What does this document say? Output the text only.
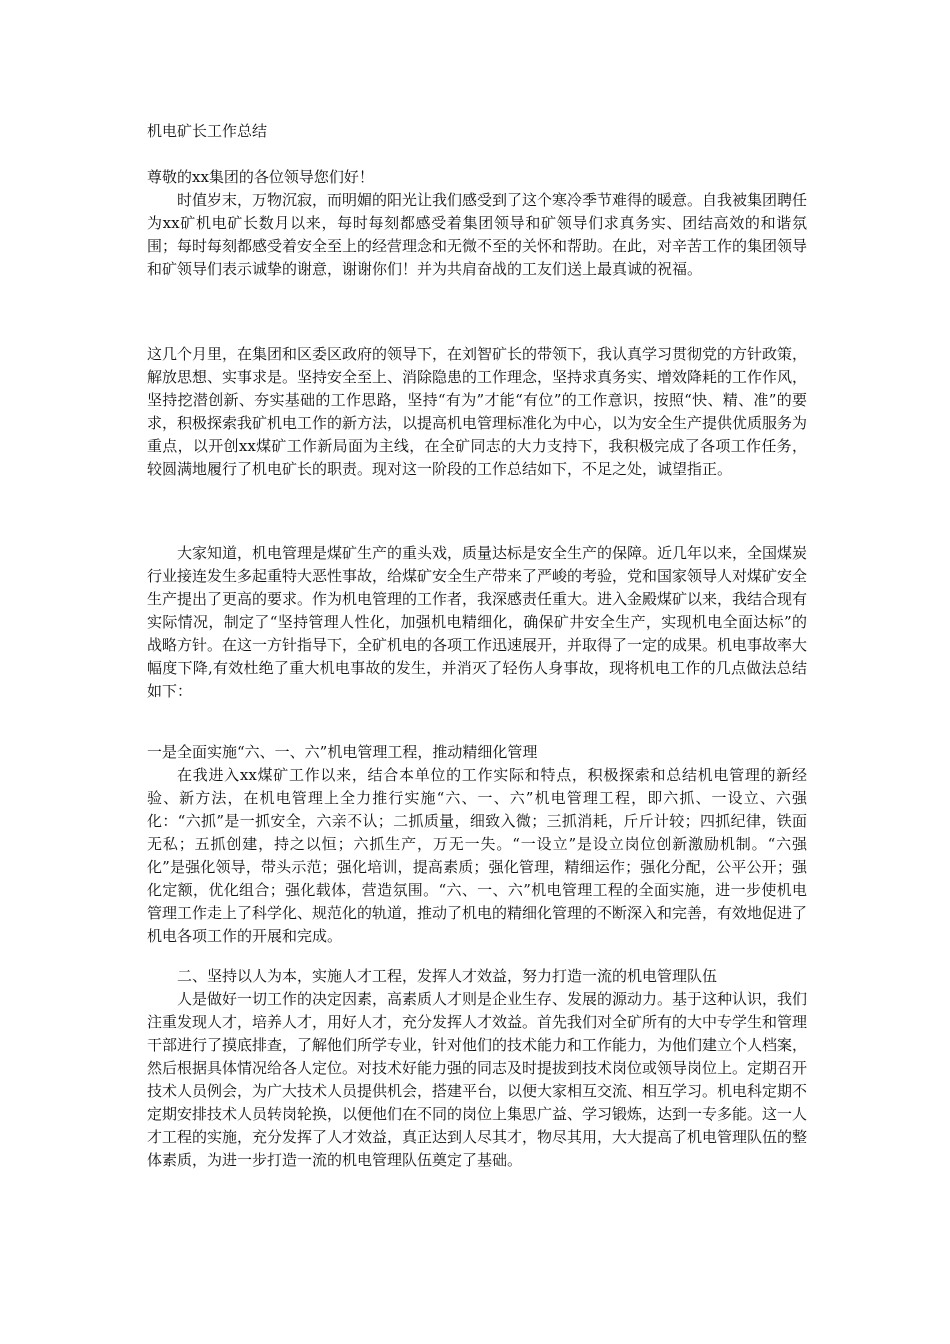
机电矿长工作总结

尊敬的xx集团的各位领导您们好！

时值岁末，万物沉寂，而明媚的阳光让我们感受到了这个寒冷季节难得的暖意。自我被集团聘任为xx矿机电矿长数月以来，每时每刻都感受着集团领导和矿领导们求真务实、团结高效的和谐氛围；每时每刻都感受着安全至上的经营理念和无微不至的关怀和帮助。在此，对辛苦工作的集团领导和矿领导们表示诚挚的谢意，谢谢你们！并为共肩奋战的工友们送上最真诚的祝福。

这几个月里，在集团和区委区政府的领导下，在刘智矿长的带领下，我认真学习贯彻党的方针政策，解放思想、实事求是。坚持安全至上、消除隐患的工作理念，坚持求真务实、增效降耗的工作作风，坚持挖潜创新、夯实基础的工作思路，坚持“有为”才能“有位”的工作意识，按照“快、精、准”的要求，积极探索我矿机电工作的新方法，以提高机电管理标准化为中心，以为安全生产提供优质服务为重点，以开创xx煤矿工作新局面为主线，在全矿同志的大力支持下，我积极完成了各项工作任务，较圆满地履行了机电矿长的职责。现对这一阶段的工作总结如下，不足之处，诚望指正。

大家知道，机电管理是煤矿生产的重头戏，质量达标是安全生产的保障。近几年以来，全国煤炭行业接连发生多起重特大恶性事故，给煤矿安全生产带来了严峻的考验，党和国家领导人对煤矿安全生产提出了更高的要求。作为机电管理的工作者，我深感责任重大。进入金殿煤矿以来，我结合现有实际情况，制定了“坚持管理人性化，加强机电精细化，确保矿井安全生产，实现机电全面达标”的战略方针。在这一方针指导下，全矿机电的各项工作迅速展开，并取得了一定的成果。机电事故率大幅度下降,有效杜绝了重大机电事故的发生，并消灭了轻伤人身事故，现将机电工作的几点做法总结如下：

一是全面实施“六、一、六”机电管理工程，推动精细化管理

在我进入xx煤矿工作以来，结合本单位的工作实际和特点，积极探索和总结机电管理的新经验、新方法，在机电管理上全力推行实施“六、一、六”机电管理工程，即六抓、一设立、六强化：“六抓”是一抓安全，六亲不认；二抓质量，细致入微；三抓消耗，斤斤计较；四抓纪律，铁面无私；五抓创建，持之以恒；六抓生产，万无一失。“一设立”是设立岗位创新激励机制。“六强化”是强化领导，带头示范；强化培训，提高素质；强化管理，精细运作；强化分配，公平公开；强化定额，优化组合；强化载体，营造氛围。“六、一、六”机电管理工程的全面实施，进一步使机电管理工作走上了科学化、规范化的轨道，推动了机电的精细化管理的不断深入和完善，有效地促进了机电各项工作的开展和完成。

二、坚持以人为本，实施人才工程，发挥人才效益，努力打造一流的机电管理队伍

人是做好一切工作的决定因素，高素质人才则是企业生存、发展的源动力。基于这种认识，我们注重发现人才，培养人才，用好人才，充分发挥人才效益。首先我们对全矿所有的大中专学生和管理干部进行了摸底排查，了解他们所学专业，针对他们的技术能力和工作能力，为他们建立个人档案，然后根据具体情况给各人定位。对技术好能力强的同志及时提拔到技术岗位或领导岗位上。定期召开技术人员例会，为广大技术人员提供机会，搭建平台，以便大家相互交流、相互学习。机电科定期不定期安排技术人员转岗轮换，以便他们在不同的岗位上集思广益、学习锻炼，达到一专多能。这一人才工程的实施，充分发挥了人才效益，真正达到人尽其才，物尽其用，大大提高了机电管理队伍的整体素质，为进一步打造一流的机电管理队伍奠定了基础。
